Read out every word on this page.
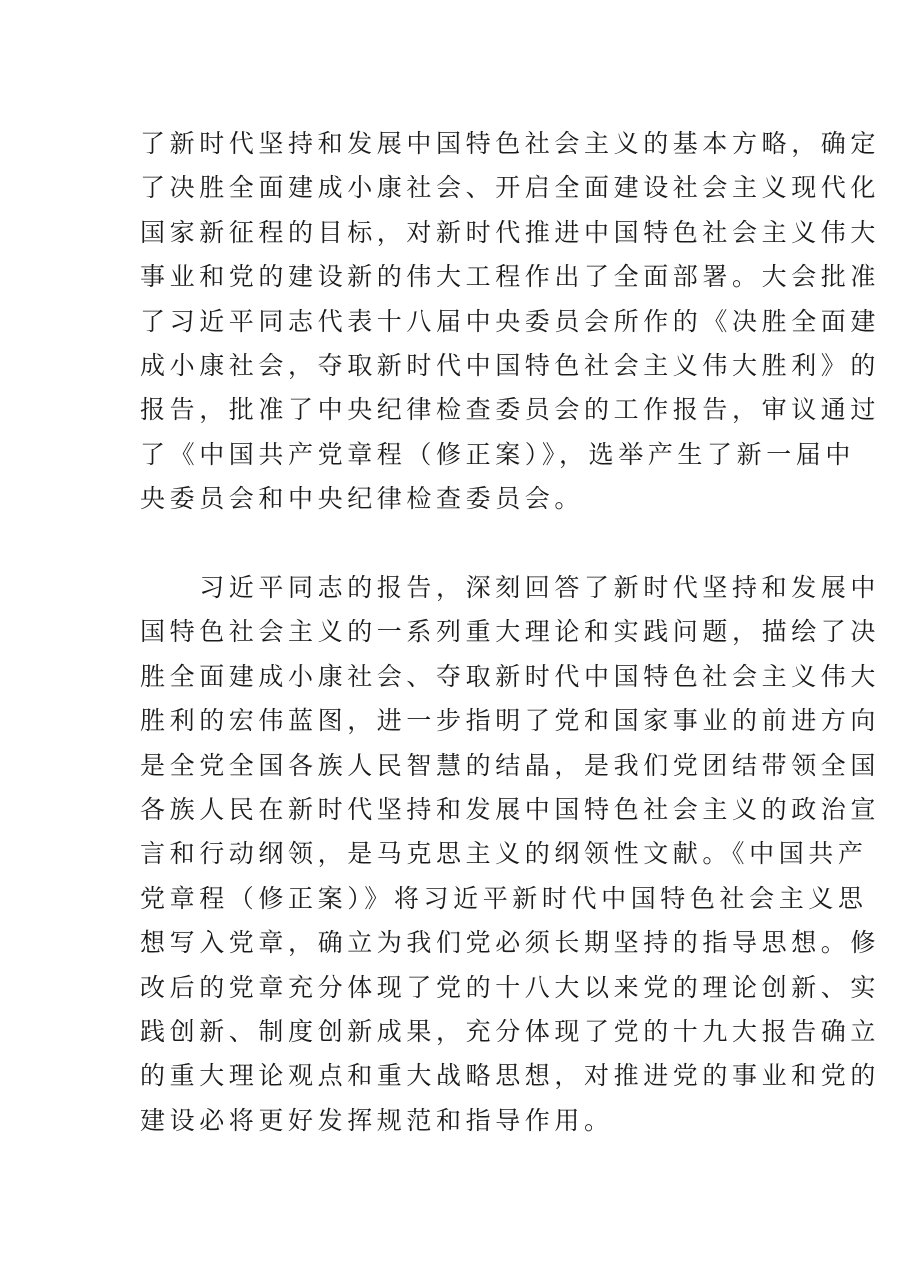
了新时代坚持和发展中国特色社会主义的基本方略，确定
了决胜全面建成小康社会、开启全面建设社会主义现代化
国家新征程的目标，对新时代推进中国特色社会主义伟大
事业和党的建设新的伟大工程作出了全面部署。大会批准
了习近平同志代表十八届中央委员会所作的《决胜全面建
成小康社会，夺取新时代中国特色社会主义伟大胜利》的
报告，批准了中央纪律检查委员会的工作报告，审议通过
了《中国共产党章程（修正案）》，选举产生了新一届中
央委员会和中央纪律检查委员会。
　　习近平同志的报告，深刻回答了新时代坚持和发展中
国特色社会主义的一系列重大理论和实践问题，描绘了决
胜全面建成小康社会、夺取新时代中国特色社会主义伟大
胜利的宏伟蓝图，进一步指明了党和国家事业的前进方向
是全党全国各族人民智慧的结晶，是我们党团结带领全国
各族人民在新时代坚持和发展中国特色社会主义的政治宣
言和行动纲领，是马克思主义的纲领性文献。《中国共产
党章程（修正案）》将习近平新时代中国特色社会主义思
想写入党章，确立为我们党必须长期坚持的指导思想。修
改后的党章充分体现了党的十八大以来党的理论创新、实
践创新、制度创新成果，充分体现了党的十九大报告确立
的重大理论观点和重大战略思想，对推进党的事业和党的
建设必将更好发挥规范和指导作用。
